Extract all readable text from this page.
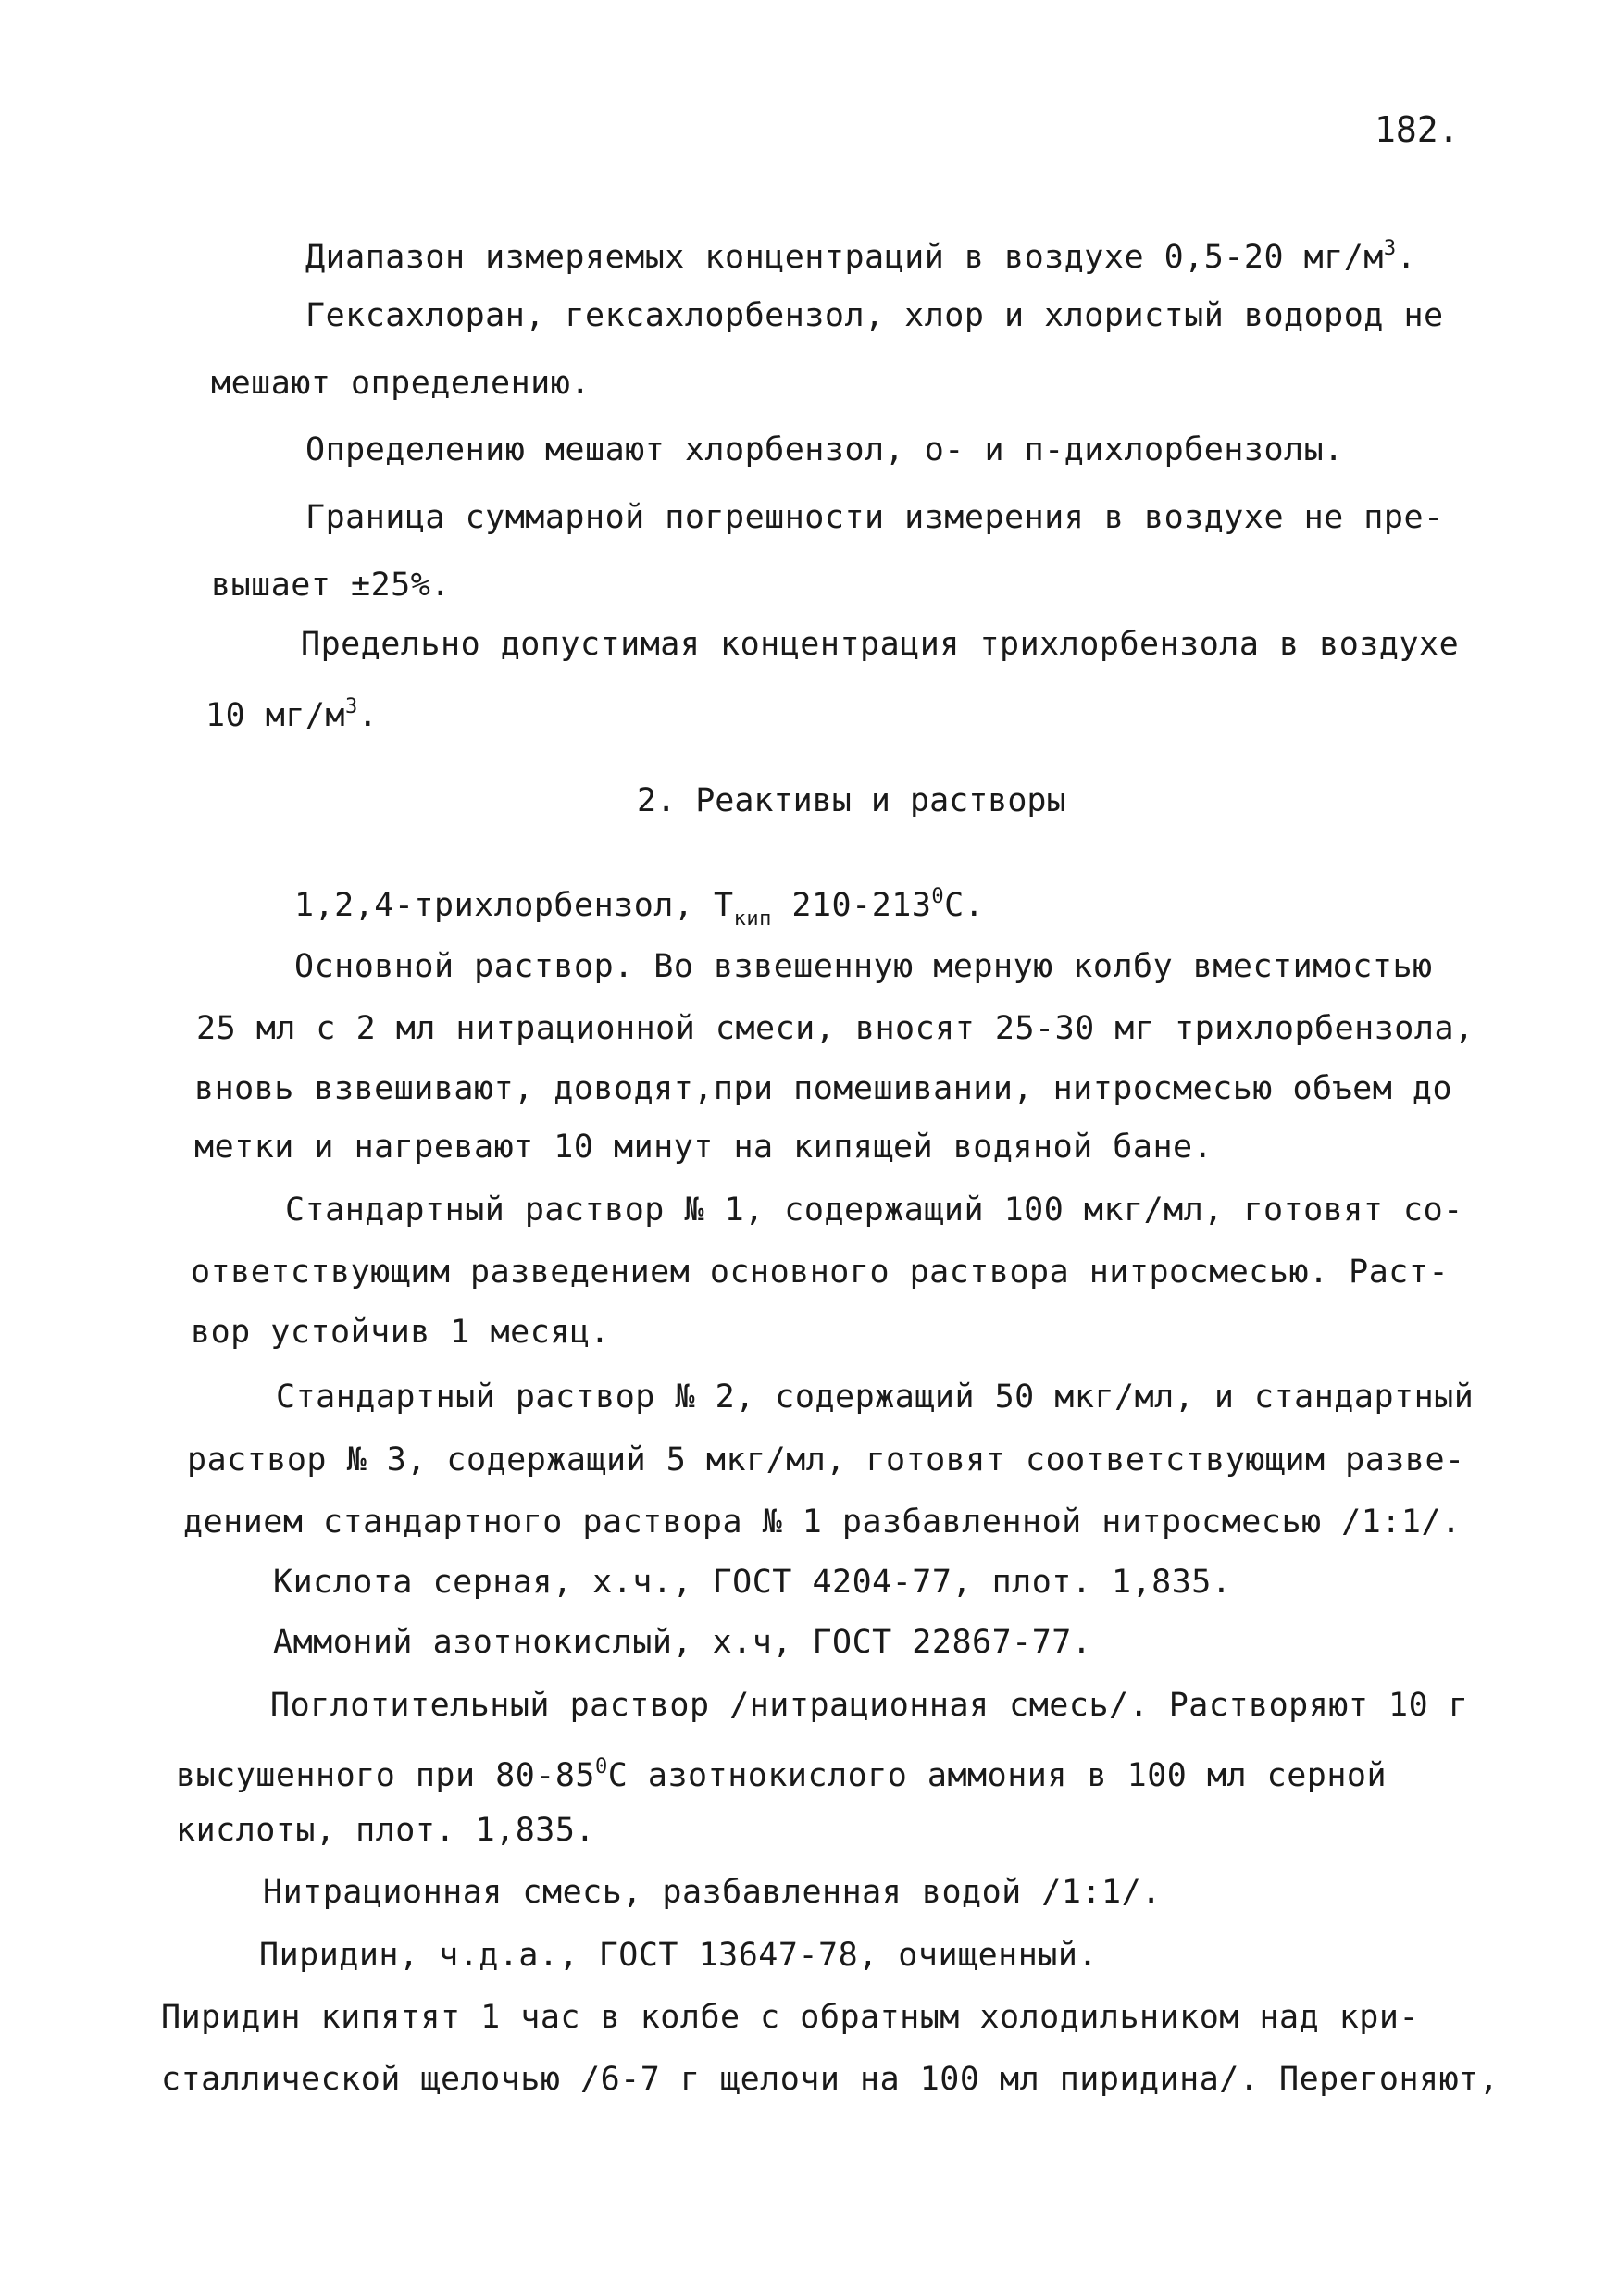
182.
Диапазон измеряемых концентраций в воздухе 0,5-20 $мг/м^3$.
Гексахлоран, гексахлорбензол, хлор и хлористый водород не
мешают определению.
Определению мешают хлорбензол, о- и п-дихлорбензолы.
Граница суммарной погрешности измерения в воздухе не пре-
вышает ±25%.
Предельно допустимая концентрация трихлорбензола в воздухе
10 $мг/м^3$.
2. Реактивы и растворы
1,2,4-трихлорбензол, $T_{кип}$ $210-213^0C$.
Основной раствор. Во взвешенную мерную колбу вместимостью
25 мл с 2 мл нитрационной смеси, вносят 25-30 мг трихлорбензола,
вновь взвешивают, доводят,при помешивании, нитросмесью объем до
метки и нагревают 10 минут на кипящей водяной бане.
Стандартный раствор № 1, содержащий 100 мкг/мл, готовят со-
ответствующим разведением основного раствора нитросмесью. Раст-
вор устойчив 1 месяц.
Стандартный раствор № 2, содержащий 50 мкг/мл, и стандартный
раствор № 3, содержащий 5 мкг/мл, готовят соответствующим разве-
дением стандартного раствора № 1 разбавленной нитросмесью /1:1/.
Кислота серная, х.ч., ГОСТ 4204-77, плот. 1,835.
Аммоний азотнокислый, х.ч, ГОСТ 22867-77.
Поглотительный раствор /нитрационная смесь/. Растворяют 10 г
высушенного при $80-85^0C$ азотнокислого аммония в 100 мл серной
кислоты, плот. 1,835.
Нитрационная смесь, разбавленная водой /1:1/.
Пиридин, ч.д.а., ГОСТ 13647-78, очищенный.
Пиридин кипятят 1 час в колбе с обратным холодильником над кри-
сталлической щелочью /6-7 г щелочи на 100 мл пиридина/. Перегоняют,
